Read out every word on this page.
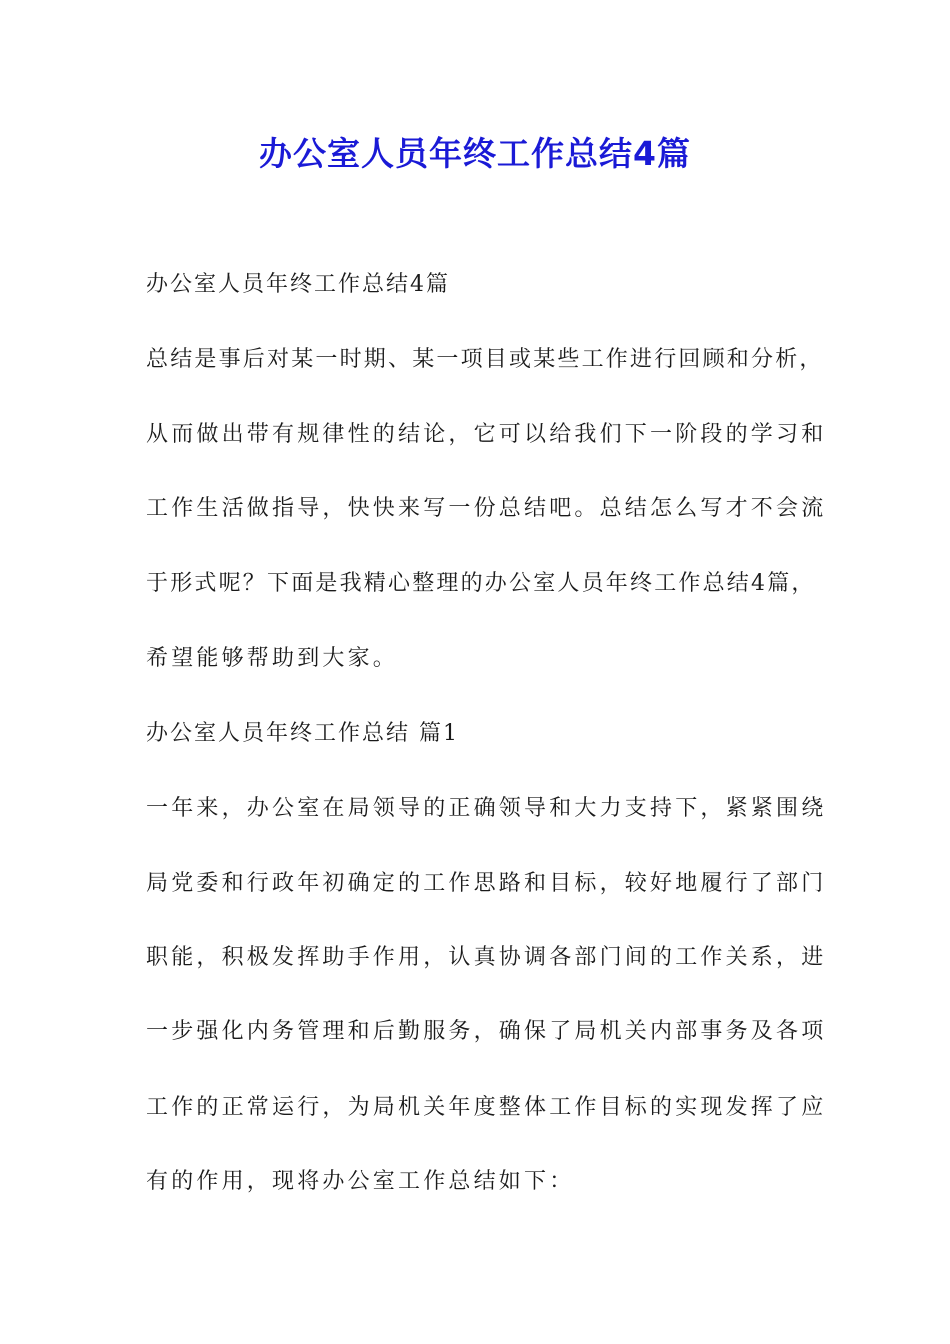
办公室人员年终工作总结4篇

办公室人员年终工作总结4篇

总结是事后对某一时期、某一项目或某些工作进行回顾和分析，

从而做出带有规律性的结论，它可以给我们下一阶段的学习和

工作生活做指导，快快来写一份总结吧。总结怎么写才不会流

于形式呢？下面是我精心整理的办公室人员年终工作总结4篇，

希望能够帮助到大家。

办公室人员年终工作总结 篇1

一年来，办公室在局领导的正确领导和大力支持下，紧紧围绕

局党委和行政年初确定的工作思路和目标，较好地履行了部门

职能，积极发挥助手作用，认真协调各部门间的工作关系，进

一步强化内务管理和后勤服务，确保了局机关内部事务及各项

工作的正常运行，为局机关年度整体工作目标的实现发挥了应

有的作用，现将办公室工作总结如下：
